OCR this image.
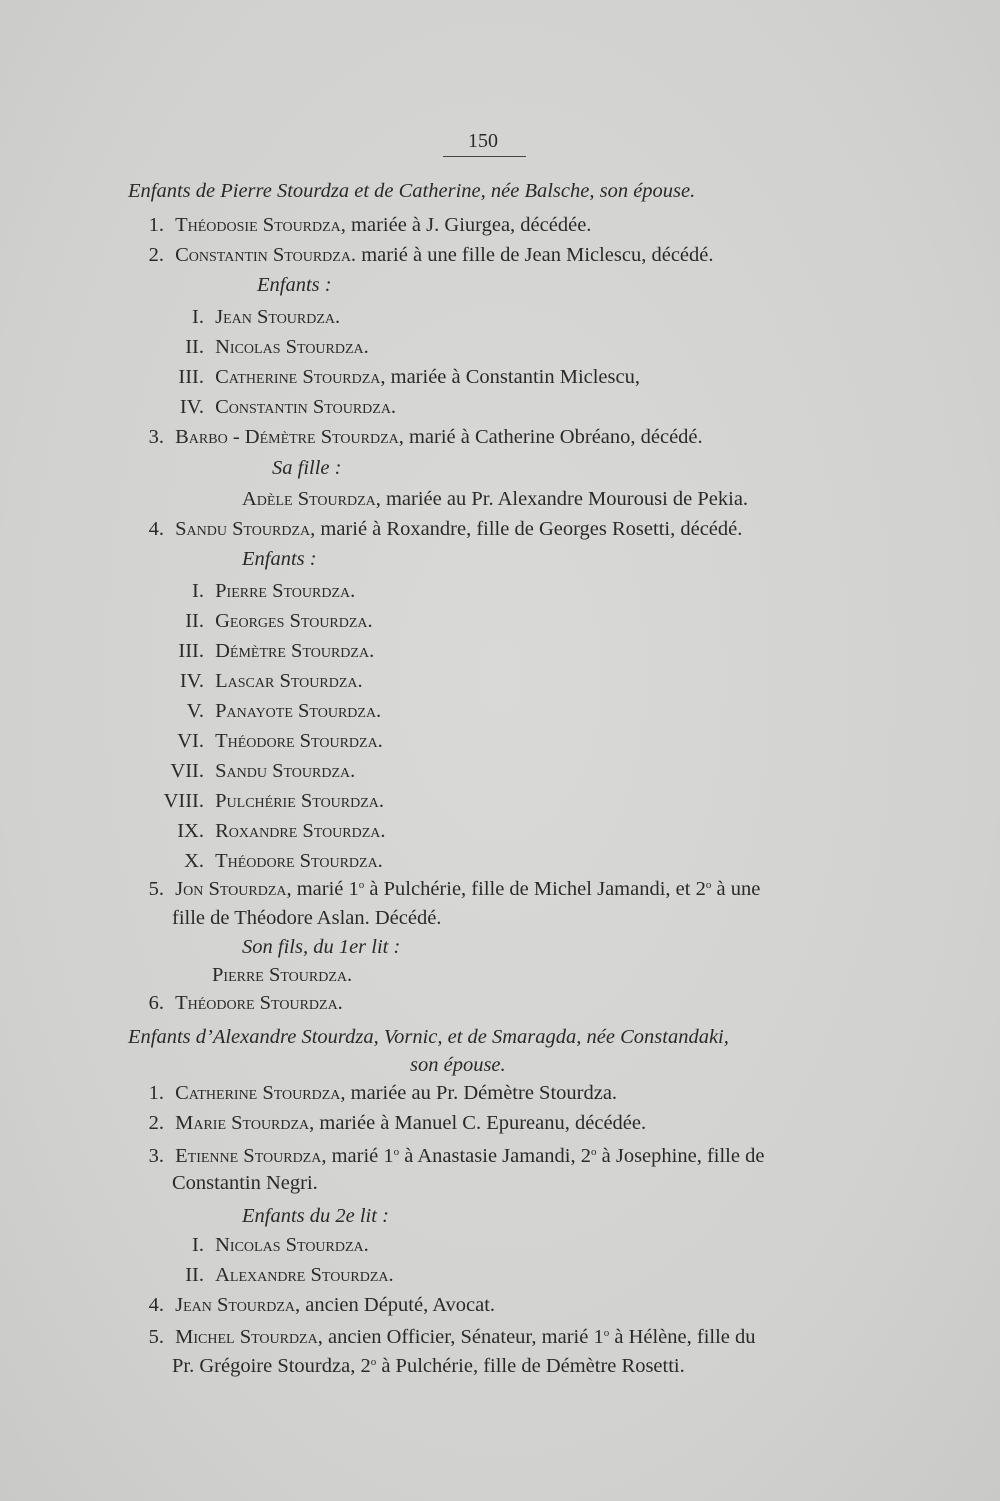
150
Enfants de Pierre Stourdza et de Catherine, née Balsche, son épouse.
1. Théodosie Stourdza, mariée à J. Giurgea, décédée.
2. Constantin Stourdza. marié à une fille de Jean Miclescu, décédé.
Enfants :
I. Jean Stourdza.
II. Nicolas Stourdza.
III. Catherine Stourdza, mariée à Constantin Miclescu,
IV. Constantin Stourdza.
3. Barbo - Démètre Stourdza, marié à Catherine Obréano, décédé.
Sa fille :
Adèle Stourdza, mariée au Pr. Alexandre Mourousi de Pekia.
4. Sandu Stourdza, marié à Roxandre, fille de Georges Rosetti, décédé.
Enfants :
I. Pierre Stourdza.
II. Georges Stourdza.
III. Démètre Stourdza.
IV. Lascar Stourdza.
V. Panayote Stourdza.
VI. Théodore Stourdza.
VII. Sandu Stourdza.
VIII. Pulchérie Stourdza.
IX. Roxandre Stourdza.
X. Théodore Stourdza.
5. Jon Stourdza, marié 1$^o$ à Pulchérie, fille de Michel Jamandi, et 2$^o$ à une
fille de Théodore Aslan. Décédé.
Son fils, du 1er lit :
Pierre Stourdza.
6. Théodore Stourdza.
Enfants d’Alexandre Stourdza, Vornic, et de Smaragda, née Constandaki,
son épouse.
1. Catherine Stourdza, mariée au Pr. Démètre Stourdza.
2. Marie Stourdza, mariée à Manuel C. Epureanu, décédée.
3. Etienne Stourdza, marié 1$^o$ à Anastasie Jamandi, 2$^o$ à Josephine, fille de
Constantin Negri.
Enfants du 2e lit :
I. Nicolas Stourdza.
II. Alexandre Stourdza.
4. Jean Stourdza, ancien Député, Avocat.
5. Michel Stourdza, ancien Officier, Sénateur, marié 1$^o$ à Hélène, fille du
Pr. Grégoire Stourdza, 2$^o$ à Pulchérie, fille de Démètre Rosetti.
